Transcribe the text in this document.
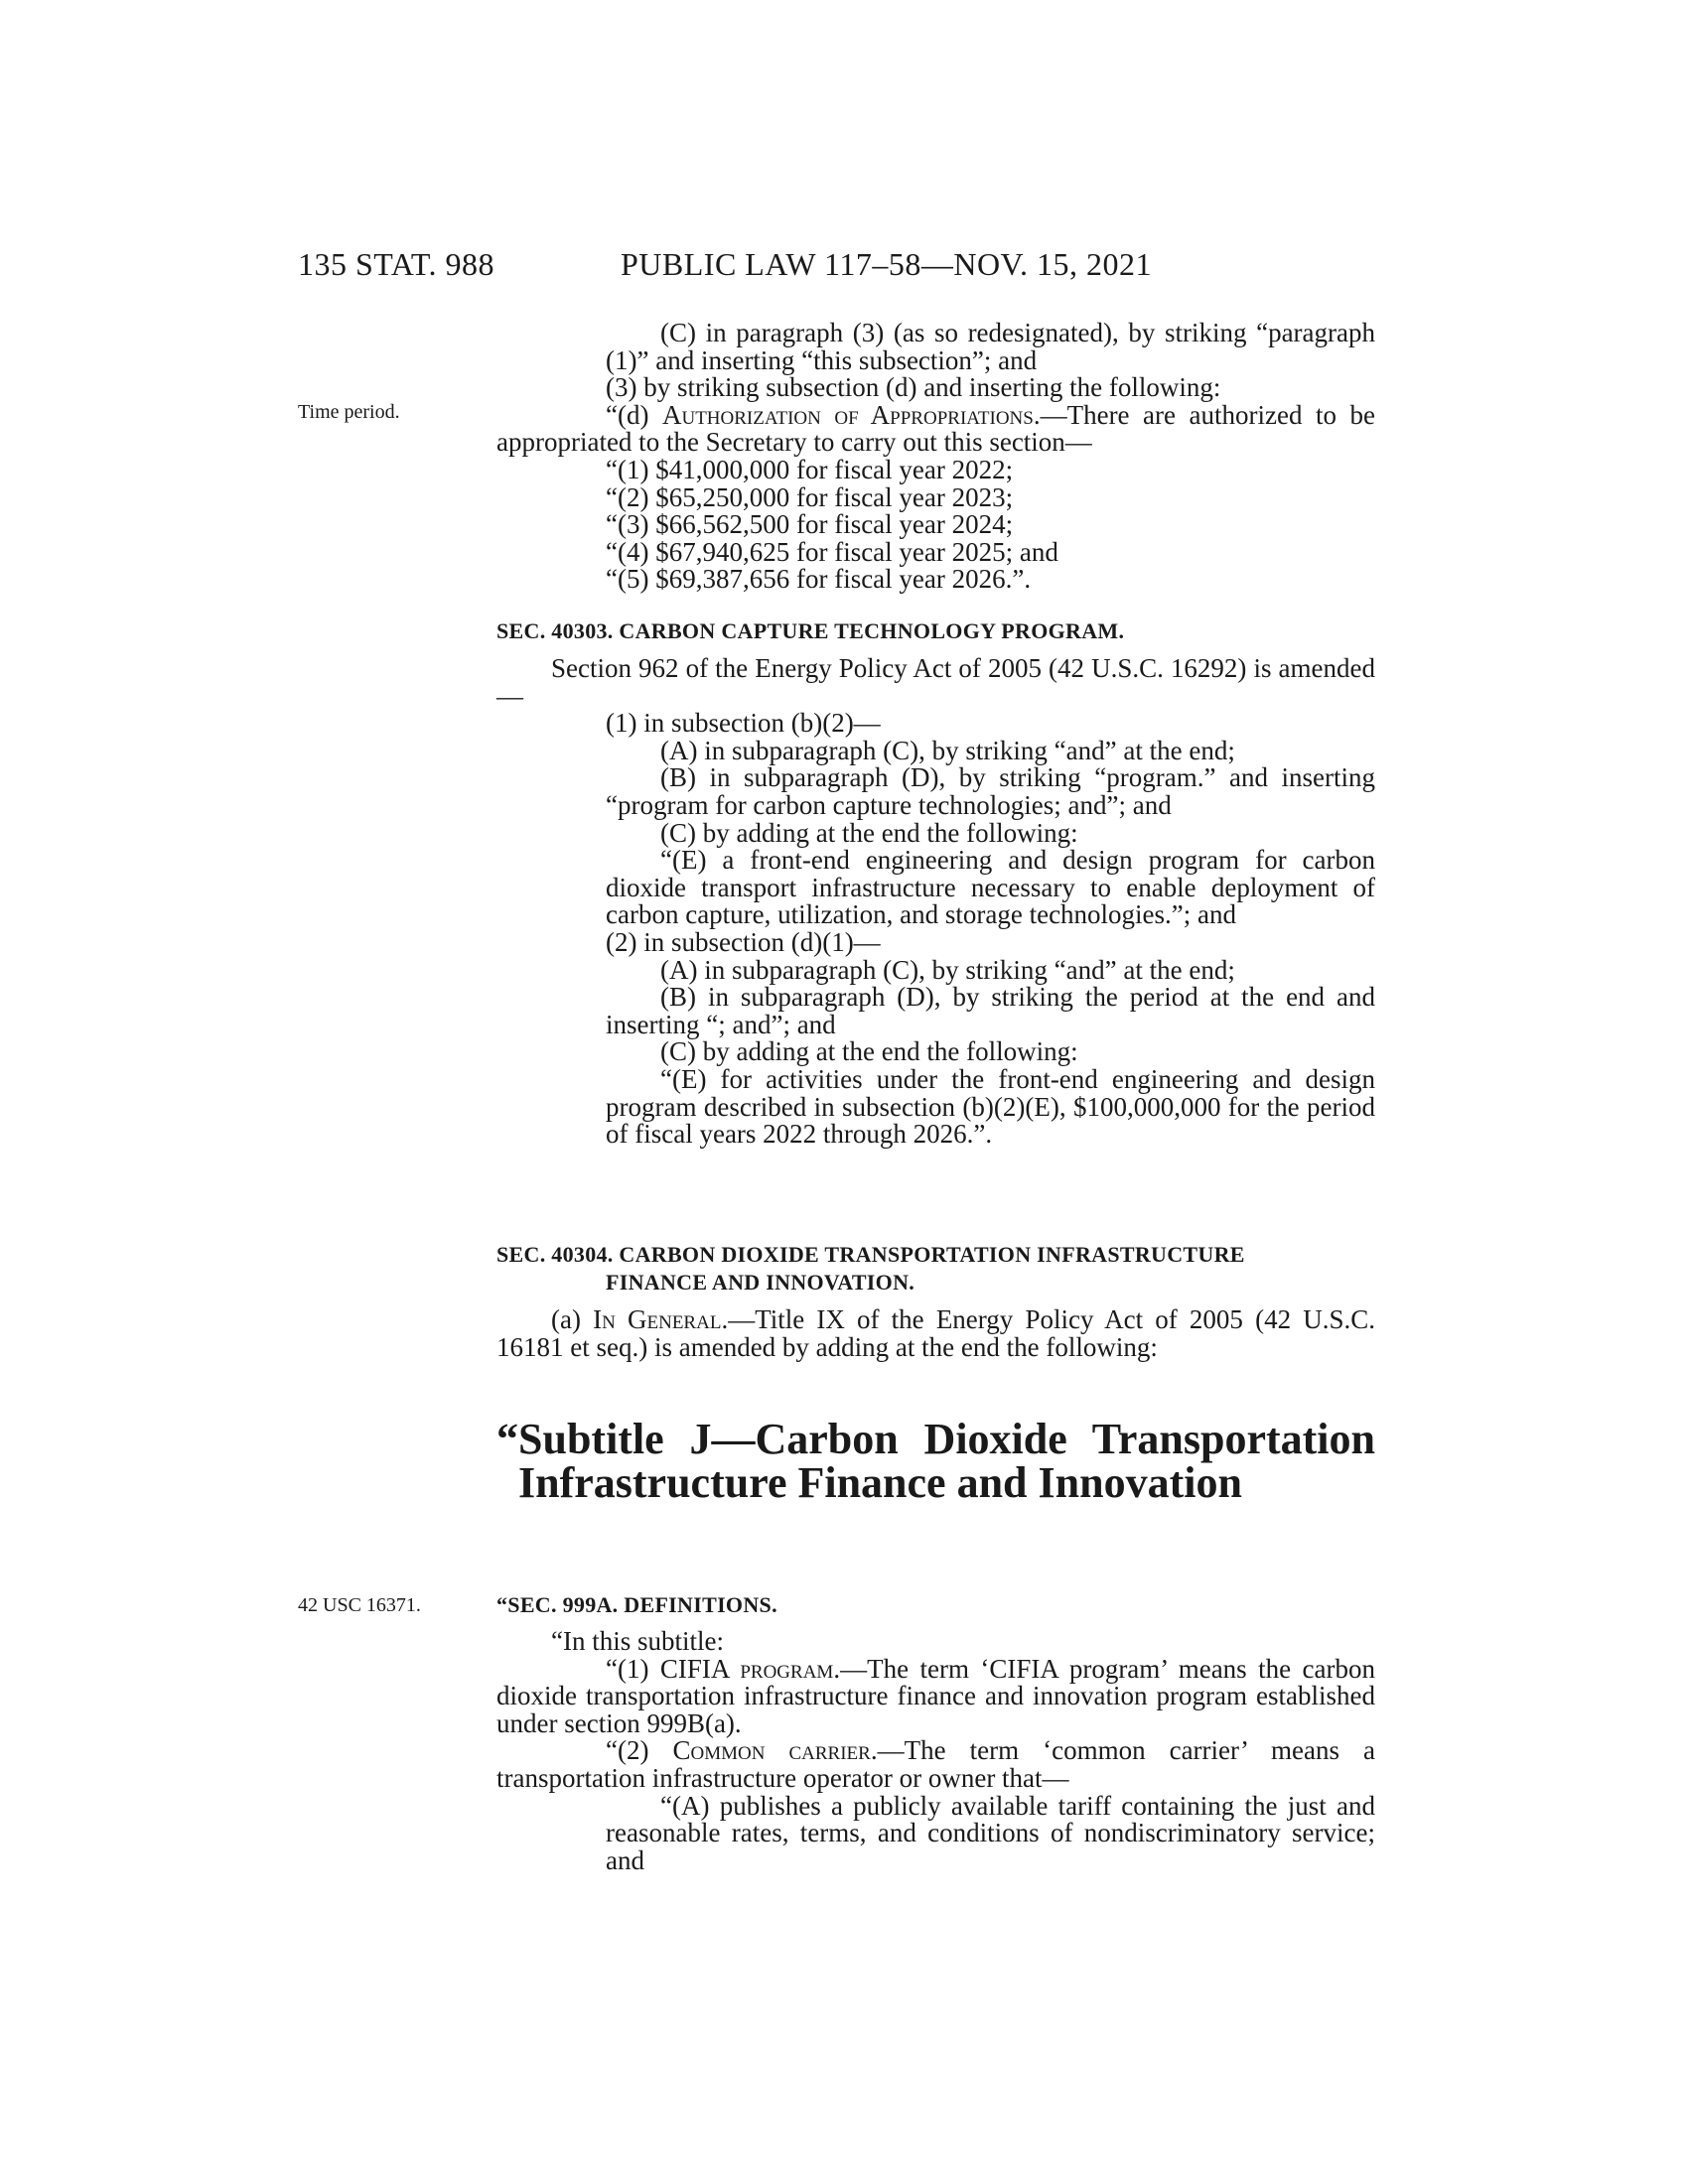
135 STAT. 988	PUBLIC LAW 117–58—NOV. 15, 2021
Time period.
42 USC 16371.

(C) in paragraph (3) (as so redesignated), by striking “paragraph (1)” and inserting “this subsection”; and

(3) by striking subsection (d) and inserting the following:

“(d) Authorization of Appropriations.—There are authorized to be appropriated to the Secretary to carry out this section—

“(1) $41,000,000 for fiscal year 2022;

“(2) $65,250,000 for fiscal year 2023;

“(3) $66,562,500 for fiscal year 2024;

“(4) $67,940,625 for fiscal year 2025; and

“(5) $69,387,656 for fiscal year 2026.”.

SEC. 40303. CARBON CAPTURE TECHNOLOGY PROGRAM.

Section 962 of the Energy Policy Act of 2005 (42 U.S.C. 16292) is amended—

(1) in subsection (b)(2)—

(A) in subparagraph (C), by striking “and” at the end;

(B) in subparagraph (D), by striking “program.” and inserting “program for carbon capture technologies; and”; and

(C) by adding at the end the following:

“(E) a front-end engineering and design program for carbon dioxide transport infrastructure necessary to enable deployment of carbon capture, utilization, and storage technologies.”; and

(2) in subsection (d)(1)—

(A) in subparagraph (C), by striking “and” at the end;

(B) in subparagraph (D), by striking the period at the end and inserting “; and”; and

(C) by adding at the end the following:

“(E) for activities under the front-end engineering and design program described in subsection (b)(2)(E), $100,000,000 for the period of fiscal years 2022 through 2026.”.

SEC. 40304. CARBON DIOXIDE TRANSPORTATION INFRASTRUCTURE

FINANCE AND INNOVATION.

(a) In General.—Title IX of the Energy Policy Act of 2005 (42 U.S.C. 16181 et seq.) is amended by adding at the end the following:

“Subtitle J—Carbon Dioxide Transportation Infrastructure Finance and Innovation

“SEC. 999A. DEFINITIONS.

“In this subtitle:

“(1) CIFIA program.—The term ‘CIFIA program’ means the carbon dioxide transportation infrastructure finance and innovation program established under section 999B(a).

“(2) Common carrier.—The term ‘common carrier’ means a transportation infrastructure operator or owner that—

“(A) publishes a publicly available tariff containing the just and reasonable rates, terms, and conditions of nondiscriminatory service; and
